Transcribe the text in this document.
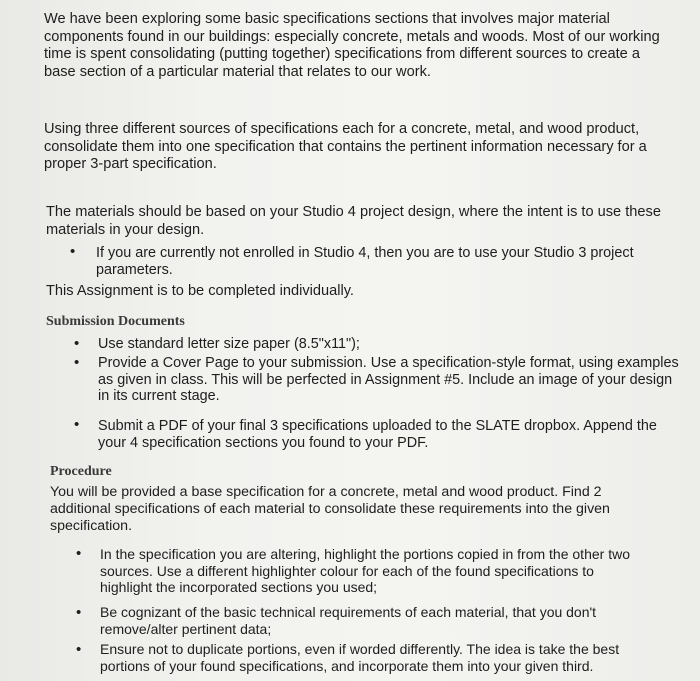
We have been exploring some basic specifications sections that involves major material
components found in our buildings: especially concrete, metals and woods. Most of our working
time is spent consolidating (putting together) specifications from different sources to create a
base section of a particular material that relates to our work.

Using three different sources of specifications each for a concrete, metal, and wood product,
consolidate them into one specification that contains the pertinent information necessary for a
proper 3-part specification.

The materials should be based on your Studio 4 project design, where the intent is to use these
materials in your design.

• If you are currently not enrolled in Studio 4, then you are to use your Studio 3 project
parameters.
This Assignment is to be completed individually.
Submission Documents
• Use standard letter size paper (8.5"x11");
• Provide a Cover Page to your submission. Use a specification-style format, using examples
as given in class. This will be perfected in Assignment #5. Include an image of your design
in its current stage.
• Submit a PDF of your final 3 specifications uploaded to the SLATE dropbox. Append the
your 4 specification sections you found to your PDF.
Procedure

You will be provided a base specification for a concrete, metal and wood product. Find 2
additional specifications of each material to consolidate these requirements into the given
specification.

• In the specification you are altering, highlight the portions copied in from the other two
sources. Use a different highlighter colour for each of the found specifications to
highlight the incorporated sections you used;
• Be cognizant of the basic technical requirements of each material, that you don't
remove/alter pertinent data;
• Ensure not to duplicate portions, even if worded differently. The idea is take the best
portions of your found specifications, and incorporate them into your given third.
